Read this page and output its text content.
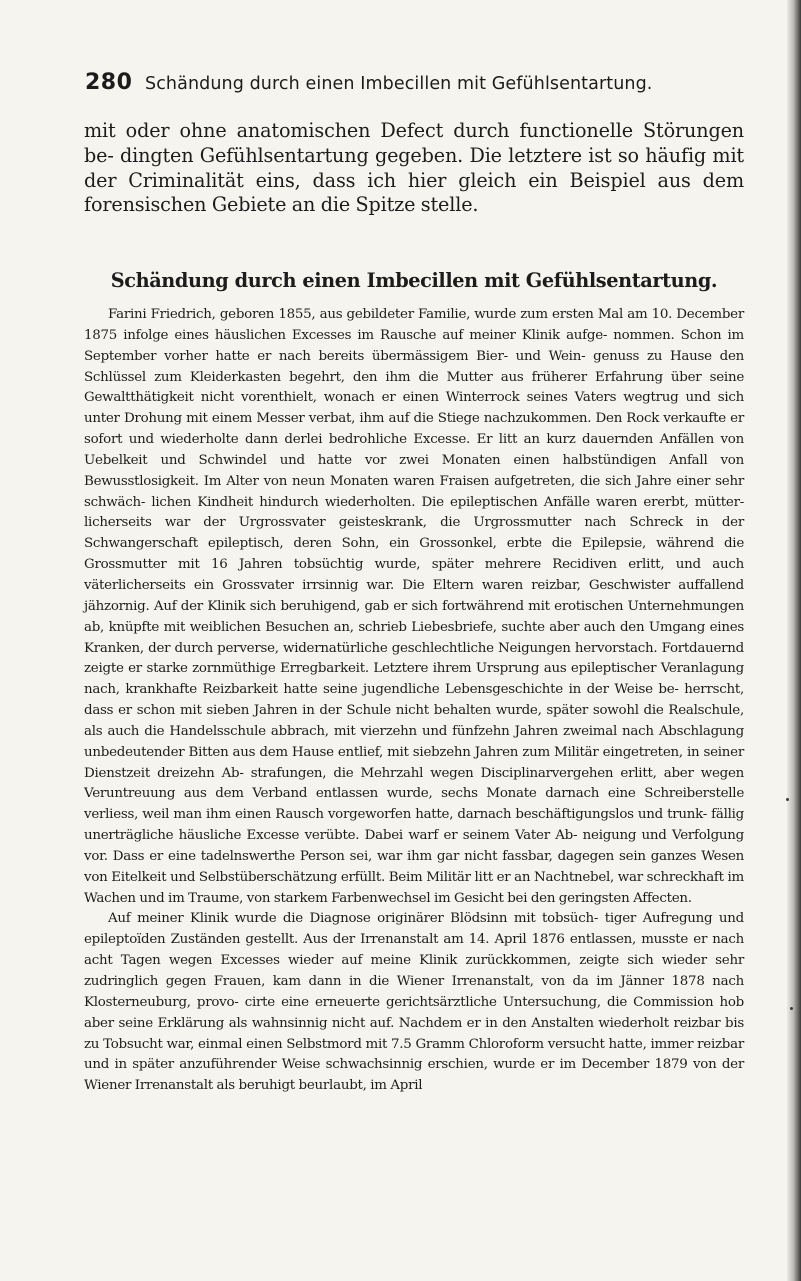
280 Schändung durch einen Imbecillen mit Gefühlsentartung.
mit oder ohne anatomischen Defect durch functionelle Störungen be- dingten Gefühlsentartung gegeben. Die letztere ist so häufig mit der Criminalität eins, dass ich hier gleich ein Beispiel aus dem forensischen Gebiete an die Spitze stelle.
Schändung durch einen Imbecillen mit Gefühlsentartung.

Farini Friedrich, geboren 1855, aus gebildeter Familie, wurde zum ersten Mal am 10. December 1875 infolge eines häuslichen Excesses im Rausche auf meiner Klinik aufge- nommen. Schon im September vorher hatte er nach bereits übermässigem Bier- und Wein- genuss zu Hause den Schlüssel zum Kleiderkasten begehrt, den ihm die Mutter aus früherer Erfahrung über seine Gewaltthätigkeit nicht vorenthielt, wonach er einen Winterrock seines Vaters wegtrug und sich unter Drohung mit einem Messer verbat, ihm auf die Stiege nachzukommen. Den Rock verkaufte er sofort und wiederholte dann derlei bedrohliche Excesse. Er litt an kurz dauernden Anfällen von Uebelkeit und Schwindel und hatte vor zwei Monaten einen halbstündigen Anfall von Bewusstlosigkeit. Im Alter von neun Monaten waren Fraisen aufgetreten, die sich Jahre einer sehr schwäch- lichen Kindheit hindurch wiederholten. Die epileptischen Anfälle waren ererbt, mütter- licherseits war der Urgrossvater geisteskrank, die Urgrossmutter nach Schreck in der Schwangerschaft epileptisch, deren Sohn, ein Grossonkel, erbte die Epilepsie, während die Grossmutter mit 16 Jahren tobsüchtig wurde, später mehrere Recidiven erlitt, und auch väterlicherseits ein Grossvater irrsinnig war. Die Eltern waren reizbar, Geschwister auffallend jähzornig. Auf der Klinik sich beruhigend, gab er sich fortwährend mit erotischen Unternehmungen ab, knüpfte mit weiblichen Besuchen an, schrieb Liebesbriefe, suchte aber auch den Umgang eines Kranken, der durch perverse, widernatürliche geschlechtliche Neigungen hervorstach. Fortdauernd zeigte er starke zornmüthige Erregbarkeit. Letztere ihrem Ursprung aus epileptischer Veranlagung nach, krankhafte Reizbarkeit hatte seine jugendliche Lebensgeschichte in der Weise be- herrscht, dass er schon mit sieben Jahren in der Schule nicht behalten wurde, später sowohl die Realschule, als auch die Handelsschule abbrach, mit vierzehn und fünfzehn Jahren zweimal nach Abschlagung unbedeutender Bitten aus dem Hause entlief, mit siebzehn Jahren zum Militär eingetreten, in seiner Dienstzeit dreizehn Ab- strafungen, die Mehrzahl wegen Disciplinarvergehen erlitt, aber wegen Veruntreuung aus dem Verband entlassen wurde, sechs Monate darnach eine Schreiberstelle verliess, weil man ihm einen Rausch vorgeworfen hatte, darnach beschäftigungslos und trunk- fällig unerträgliche häusliche Excesse verübte. Dabei warf er seinem Vater Ab- neigung und Verfolgung vor. Dass er eine tadelnswerthe Person sei, war ihm gar nicht fassbar, dagegen sein ganzes Wesen von Eitelkeit und Selbstüberschätzung erfüllt. Beim Militär litt er an Nachtnebel, war schreckhaft im Wachen und im Traume, von starkem Farbenwechsel im Gesicht bei den geringsten Affecten.

Auf meiner Klinik wurde die Diagnose originärer Blödsinn mit tobsüch- tiger Aufregung und epileptoïden Zuständen gestellt. Aus der Irrenanstalt am 14. April 1876 entlassen, musste er nach acht Tagen wegen Excesses wieder auf meine Klinik zurückkommen, zeigte sich wieder sehr zudringlich gegen Frauen, kam dann in die Wiener Irrenanstalt, von da im Jänner 1878 nach Klosterneuburg, provo- cirte eine erneuerte gerichtsärztliche Untersuchung, die Commission hob aber seine Erklärung als wahnsinnig nicht auf. Nachdem er in den Anstalten wiederholt reizbar bis zu Tobsucht war, einmal einen Selbstmord mit 7.5 Gramm Chloroform versucht hatte, immer reizbar und in später anzuführender Weise schwachsinnig erschien, wurde er im December 1879 von der Wiener Irrenanstalt als beruhigt beurlaubt, im April
